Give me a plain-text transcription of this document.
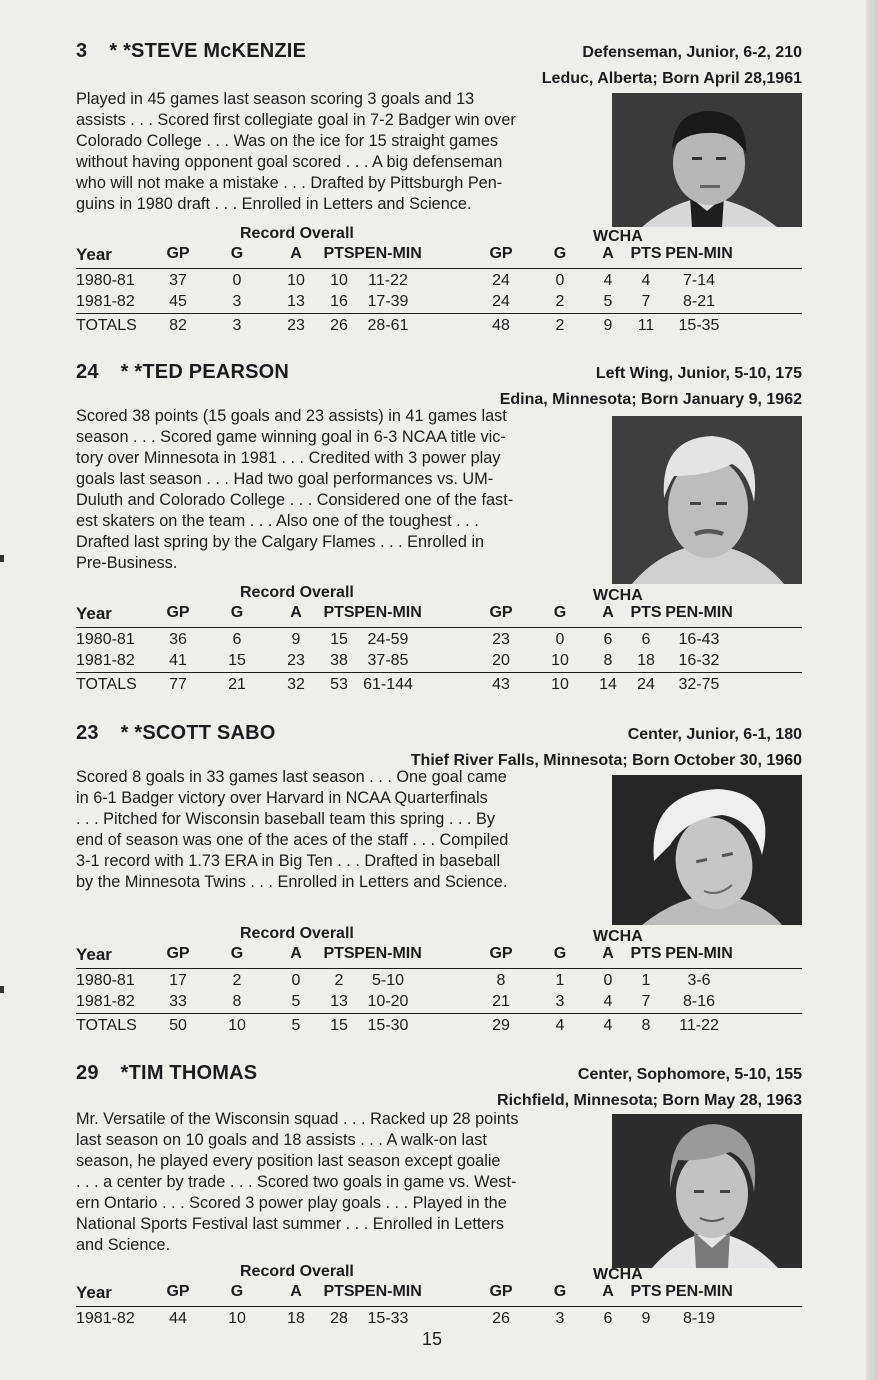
3 * *STEVE McKENZIE	Defenseman, Junior, 6-2, 210
Leduc, Alberta; Born April 28,1961

Played in 45 games last season scoring 3 goals and 13
assists . . . Scored first collegiate goal in 7-2 Badger win over
Colorado College . . . Was on the ice for 15 straight games
without having opponent goal scored . . . A big defenseman
who will not make a mistake . . . Drafted by Pittsburgh Pen-
guins in 1980 draft . . . Enrolled in Letters and Science.

Record Overall	WCHA
Year	GP	G	A	PTS PEN-MIN	GP	G	A	PTS PEN-MIN
1980-81	37	0	10	10	11-22	24	0	4	4	7-14
1981-82	45	3	13	16	17-39	24	2	5	7	8-21
TOTALS	82	3	23	26	28-61	48	2	9	11	15-35
24 * *TED PEARSON	Left Wing, Junior, 5-10, 175
Edina, Minnesota; Born January 9, 1962

Scored 38 points (15 goals and 23 assists) in 41 games last
season . . . Scored game winning goal in 6-3 NCAA title vic-
tory over Minnesota in 1981 . . . Credited with 3 power play
goals last season . . . Had two goal performances vs. UM-
Duluth and Colorado College . . . Considered one of the fast-
est skaters on the team . . . Also one of the toughest . . .
Drafted last spring by the Calgary Flames . . . Enrolled in
Pre-Business.

Record Overall	WCHA
Year	GP	G	A	PTS PEN-MIN	GP	G	A	PTS PEN-MIN
1980-81	36	6	9	15	24-59	23	0	6	6	16-43
1981-82	41	15	23	38	37-85	20	10	8	18	16-32
TOTALS	77	21	32	53 61-144	43	10 14	24	32-75
23 * *SCOTT SABO	Center, Junior, 6-1, 180
Thief River Falls, Minnesota; Born October 30, 1960

Scored 8 goals in 33 games last season . . . One goal came
in 6-1 Badger victory over Harvard in NCAA Quarterfinals
. . . Pitched for Wisconsin baseball team this spring . . . By
end of season was one of the aces of the staff . . . Compiled
3-1 record with 1.73 ERA in Big Ten . . . Drafted in baseball
by the Minnesota Twins . . . Enrolled in Letters and Science.

Record Overall	WCHA
Year	GP	G	A	PTS PEN-MIN	GP	G	A	PTS PEN-MIN
1980-81	17	2	0	2	5-10	8	1	0	1	3-6
1981-82	33	8	5	13	10-20	21	3	4	7	8-16
TOTALS	50	10	5	15	15-30	29	4	4	8	11-22
29 *TIM THOMAS	Center, Sophomore, 5-10, 155
Richfield, Minnesota; Born May 28, 1963

Mr. Versatile of the Wisconsin squad . . . Racked up 28 points
last season on 10 goals and 18 assists . . . A walk-on last
season, he played every position last season except goalie
. . . a center by trade . . . Scored two goals in game vs. West-
ern Ontario . . . Scored 3 power play goals . . . Played in the
National Sports Festival last summer . . . Enrolled in Letters
and Science.

Record Overall	WCHA
Year	GP	G	A	PTS PEN-MIN	GP	G	A	PTS PEN-MIN
1981-82	44	10	18	28	15-33	26	3	6	9	8-19
15
